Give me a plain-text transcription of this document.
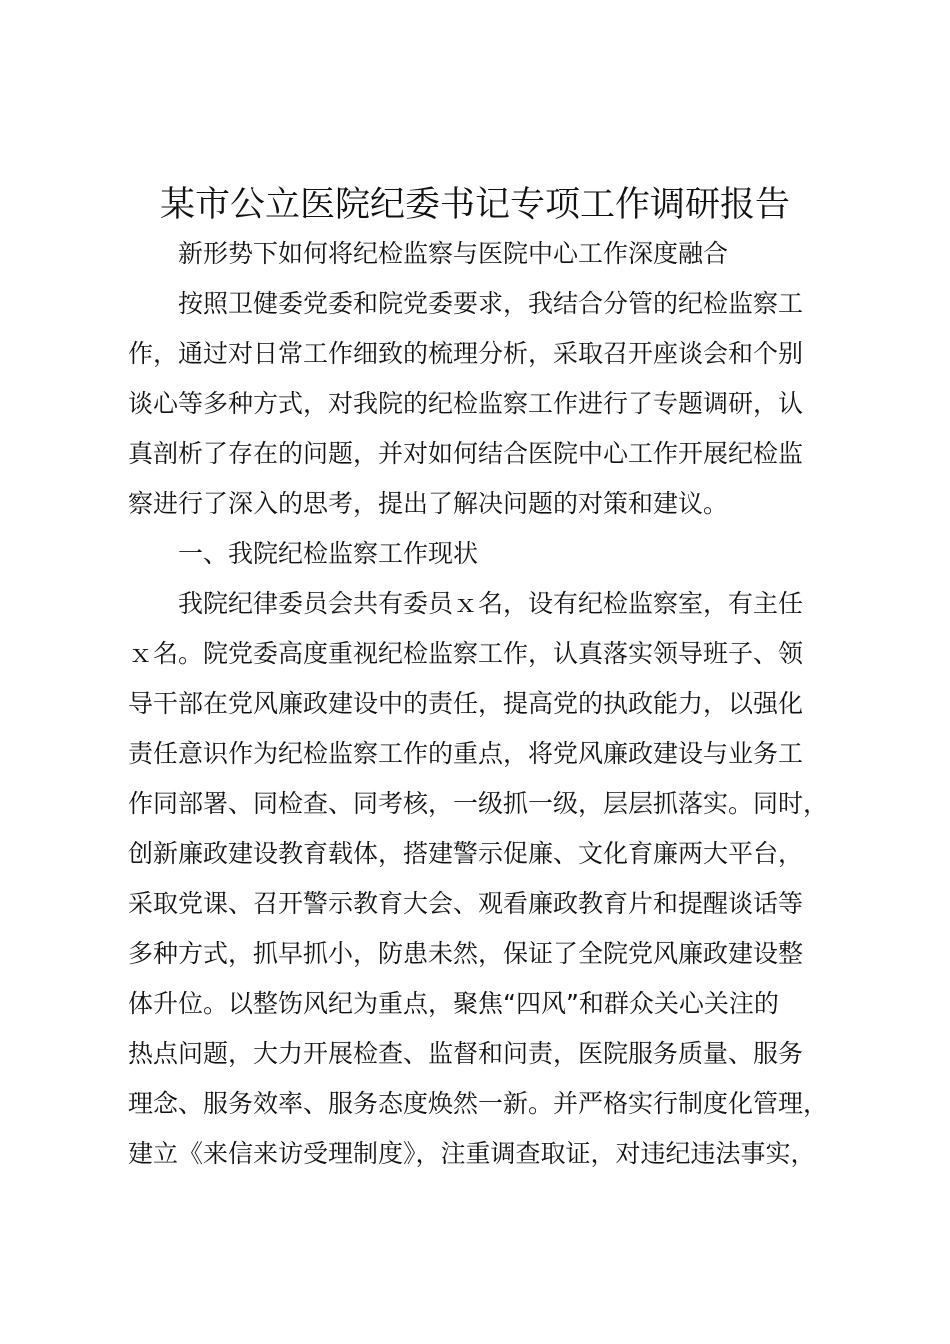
某市公立医院纪委书记专项工作调研报告
新形势下如何将纪检监察与医院中心工作深度融合
按照卫健委党委和院党委要求，我结合分管的纪检监察工
作，通过对日常工作细致的梳理分析，采取召开座谈会和个别
谈心等多种方式，对我院的纪检监察工作进行了专题调研，认
真剖析了存在的问题，并对如何结合医院中心工作开展纪检监
察进行了深入的思考，提出了解决问题的对策和建议。
一、我院纪检监察工作现状
我院纪律委员会共有委员ｘ名，设有纪检监察室，有主任
ｘ名。院党委高度重视纪检监察工作，认真落实领导班子、领
导干部在党风廉政建设中的责任，提高党的执政能力，以强化
责任意识作为纪检监察工作的重点，将党风廉政建设与业务工
作同部署、同检查、同考核，一级抓一级，层层抓落实。同时，
创新廉政建设教育载体，搭建警示促廉、文化育廉两大平台，
采取党课、召开警示教育大会、观看廉政教育片和提醒谈话等
多种方式，抓早抓小，防患未然，保证了全院党风廉政建设整
体升位。以整饬风纪为重点，聚焦“四风”和群众关心关注的
热点问题，大力开展检查、监督和问责，医院服务质量、服务
理念、服务效率、服务态度焕然一新。并严格实行制度化管理，
建立《来信来访受理制度》，注重调查取证，对违纪违法事实，
